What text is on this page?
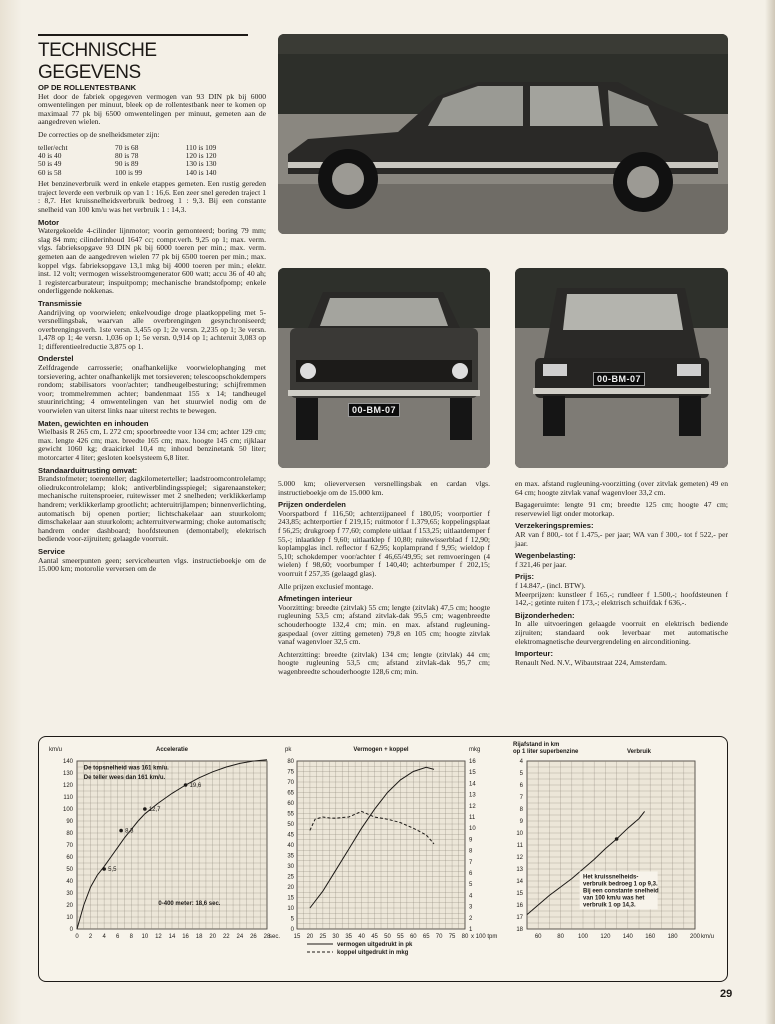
TECHNISCHE GEGEVENS
OP DE ROLLENTESTBANK

Het door de fabriek opgegeven vermogen van 93 DIN pk bij 6000 omwentelingen per minuut, bleek op de rollentestbank neer te komen op maximaal 77 pk bij 6500 omwentelingen per minuut, gemeten aan de aangedreven wielen.

De correcties op de snelheidsmeter zijn:

teller/echt	70 is 68	110 is 109
40 is 40	80 is 78	120 is 120
50 is 49	90 is 89	130 is 130
60 is 58	100 is 99	140 is 140

Het benzineverbruik werd in enkele etappes gemeten. Een rustig gereden traject leverde een verbruik op van 1 : 16,6. Een zeer snel gereden traject 1 : 8,7. Het kruissnelheidsverbruik bedroeg 1 : 9,3. Bij een constante snelheid van 100 km/u was het verbruik 1 : 14,3.

Motor

Watergekoelde 4-cilinder lijnmotor; voorin gemonteerd; boring 79 mm; slag 84 mm; cilinderinhoud 1647 cc; compr.verh. 9,25 op 1; max. verm. vlgs. fabrieksopgave 93 DIN pk bij 6000 toeren per min.; max. verm. gemeten aan de aangedreven wielen 77 pk bij 6500 toeren per min.; max. koppel vlgs. fabrieksopgave 13,1 mkg bij 4000 toeren per min.; elektr. inst. 12 volt; vermogen wisselstroomgenerator 600 watt; accu 36 of 40 ah; 1 registercarburateur; inspuitpomp; mechanische brandstofpomp; enkele onderliggende nokkenas.

Transmissie

Aandrijving op voorwielen; enkelvoudige droge plaatkoppeling met 5-versnellingsbak, waarvan alle overbrengingen gesynchroniseerd; overbrengingsverh. 1ste versn. 3,455 op 1; 2e versn. 2,235 op 1; 3e versn. 1,478 op 1; 4e versn. 1,036 op 1; 5e versn. 0,914 op 1; achteruit 3,083 op 1; differentieelreductie 3,875 op 1.

Onderstel

Zelfdragende carrosserie; onafhankelijke voorwielophanging met torsievering, achter onafhankelijk met torsieveren; telescoopschokdempers rondom; stabilisators voor/achter; tandheugelbesturing; schijfremmen voor; trommelremmen achter; bandenmaat 155 x 14; tandheugel stuurinrichting; 4 omwentelingen van het stuurwiel nodig om de voorwielen van uiterst links naar uiterst rechts te bewegen.

Maten, gewichten en inhouden

Wielbasis R 265 cm, L 272 cm; spoorbreedte voor 134 cm; achter 129 cm; max. lengte 426 cm; max. breedte 165 cm; max. hoogte 145 cm; rijklaar gewicht 1060 kg; draaicirkel 10,4 m; inhoud benzinetank 50 liter; motorcarter 4 liter; gesloten koelsysteem 6,8 liter.

Standaarduitrusting omvat:

Brandstofmeter; toerenteller; dagkilometerteller; laadstroomcontrolelamp; oliedrukcontrolelamp; klok; antiverblindingsspiegel; sigarenaansteker; mechanische ruitensproeier, ruitewisser met 2 snelheden; verklikkerlamp handrem; verklikkerlamp grootlicht; achteruitrijlampen; binnenverlichting, automatisch bij openen portier; lichtschakelaar aan stuurkolom; dimschakelaar aan stuurkolom; achterruitverwarming; choke automatisch; handrem onder dashboard; hoofdsteunen (demontabel); elektrisch bediende voor-zijruiten; gelaagde voorruit.

Service

Aantal smeerpunten geen; serviceheurten vlgs. instructieboekje om de 15.000 km; motorolie verversen om de

00-BM-07
00-BM-07

5.000 km; olieverversen versnellingsbak en cardan vlgs. instructieboekje om de 15.000 km.

Prijzen onderdelen

Voorspatbord f 116,50; achterzijpaneel f 180,05; voorportier f 243,85; achterportier f 219,15; ruitmotor f 1.379,65; koppelingsplaat f 56,25; drukgroep f 77,60; complete uitlaat f 153,25; uitlaatdemper f 55,-; inlaatklep f 9,60; uitlaatklep f 10,80; ruitewisserblad f 12,90; koplampglas incl. reflector f 62,95; koplamprand f 9,95; wieldop f 5,10; schokdemper voor/achter f 46,65/49,95; set remvoeringen (4 wielen) f 98,60; voorbumper f 140,40; achterbumper f 202,15; voorruit f 257,35 (gelaagd glas).

Alle prijzen exclusief montage.

Afmetingen interieur

Voorzitting: breedte (zitvlak) 55 cm; lengte (zitvlak) 47,5 cm; hoogte rugleuning 53,5 cm; afstand zitvlak-dak 95,5 cm; wagenbreedte schouderhoogte 132,4 cm; min. en max. afstand rugleuning-gaspedaal (over zitting gemeten) 79,8 en 105 cm; hoogte zitvlak vanaf wagenvloer 32,5 cm.

Achterzitting: breedte (zitvlak) 134 cm; lengte (zitvlak) 44 cm; hoogte rugleuning 53,5 cm; afstand zitvlak-dak 95,7 cm; wagenbreedte schouderhoogte 128,6 cm; min.

en max. afstand rugleuning-voorzitting (over zitvlak gemeten) 49 en 64 cm; hoogte zitvlak vanaf wagenvloer 33,2 cm.

Bagageruimte: lengte 91 cm; breedte 125 cm; hoogte 47 cm; reservewiel ligt onder motorkap.

Verzekeringspremies:

AR van f 800,- tot f 1.475,- per jaar; WA van f 300,- tot f 522,- per jaar.

Wegenbelasting:

f 321,46 per jaar.

Prijs:

f 14.847,- (incl. BTW).

Meerprijzen: kunstleer f 165,-; rundleer f 1.500,-; hoofdsteunen f 142,-; getinte ruiten f 173,-; elektrisch schuifdak f 636,-.

Bijzonderheden:

In alle uitvoeringen gelaagde voorruit en elektrisch bediende zijruiten; standaard ook leverbaar met automatische elektromagnetische deurvergrendeling en airconditioning.

Importeur:

Renault Ned. N.V., Wibautstraat 224, Amsterdam.

Acceleratie
km/u
0
10
20
30
40
50
60
70
80
90
100
110
120
130
140
0 2 4 6 8 10 12 14 16 18 20 22 24 26 28
sec.
De topsnelheid was 161 km/u.
De teller wees dan 161 km/u.
0-400 meter: 18,6 sec.
5,5
8,3
12,7
19,6
Vermogen + koppel
pk	mkg
0
5
10
15
20
25
30
35
40
45
50
55
60
65
70
75
80
1
2
3
4
5
6
7
8
9
10
11
12
13
14
15
16
15 20 25 30 35 40 45 50 55 60 65 70 75 80 x 100 tpm
vermogen uitgedrukt in pk
koppel uitgedrukt in mkg
Rijafstand in km
op 1 liter superbenzine	Verbruik
4
5
6
7
8
9
10
11
12
13
14
15
16
17
18
60	80 100 120 140 160 180 200 km/u
Het kruissnelheids-
verbruik bedroeg 1 op 9,3.
Bij een constante snelheid
van 100 km/u was het
verbruik 1 op 14,3.
29
